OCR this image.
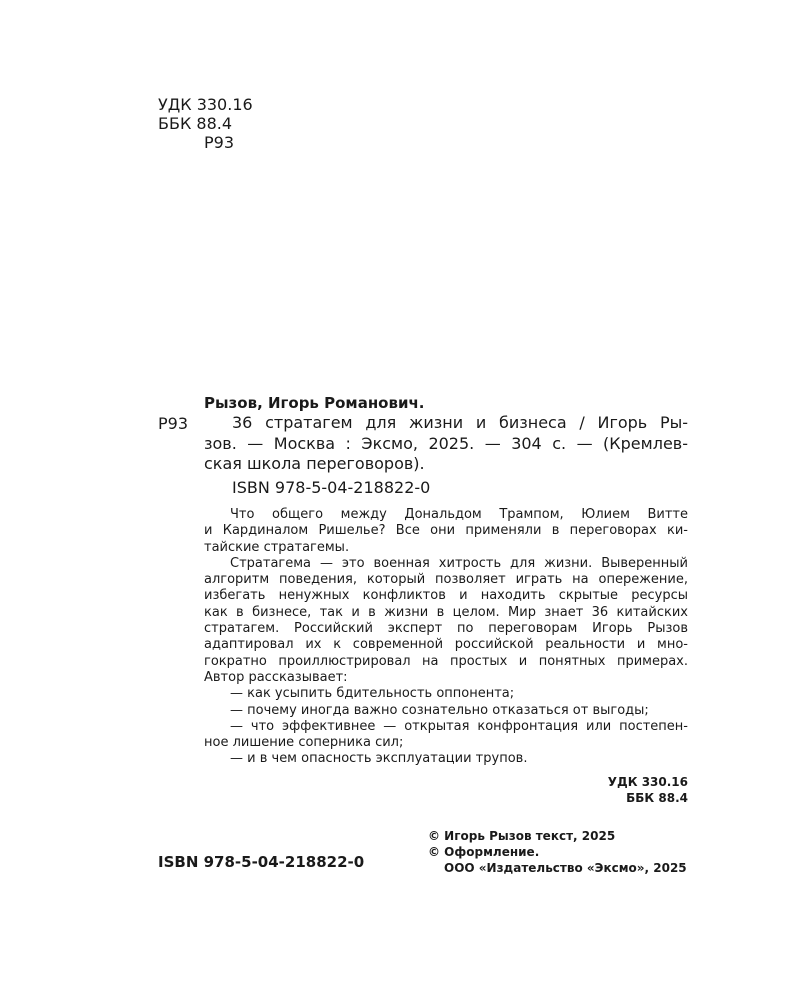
УДК 330.16
ББК 88.4
Р93
Рызов, Игорь Романович.
Р93	36 стратагем для жизни и бизнеса / Игорь Ры-
зов. — Москва : Эксмо, 2025. — 304 с. — (Кремлев-
ская школа переговоров).
ISBN 978-5-04-218822-0
Что общего между Дональдом Трампом, Юлием Витте
и Кардиналом Ришелье? Все они применяли в переговорах ки-
тайские стратагемы.
Стратагема — это военная хитрость для жизни. Выверенный
алгоритм поведения, который позволяет играть на опережение,
избегать ненужных конфликтов и находить скрытые ресурсы
как в бизнесе, так и в жизни в целом. Мир знает 36 китайских
стратагем. Российский эксперт по переговорам Игорь Рызов
адаптировал их к современной российской реальности и мно-
гократно проиллюстрировал на простых и понятных примерах.
Автор рассказывает:
— как усыпить бдительность оппонента;
— почему иногда важно сознательно отказаться от выгоды;
— что эффективнее — открытая конфронтация или постепен-
ное лишение соперника сил;
— и в чем опасность эксплуатации трупов.
УДК 330.16
ББК 88.4
ISBN 978-5-04-218822-0
© Игорь Рызов текст, 2025
© Оформление.
ООО «Издательство «Эксмо», 2025
